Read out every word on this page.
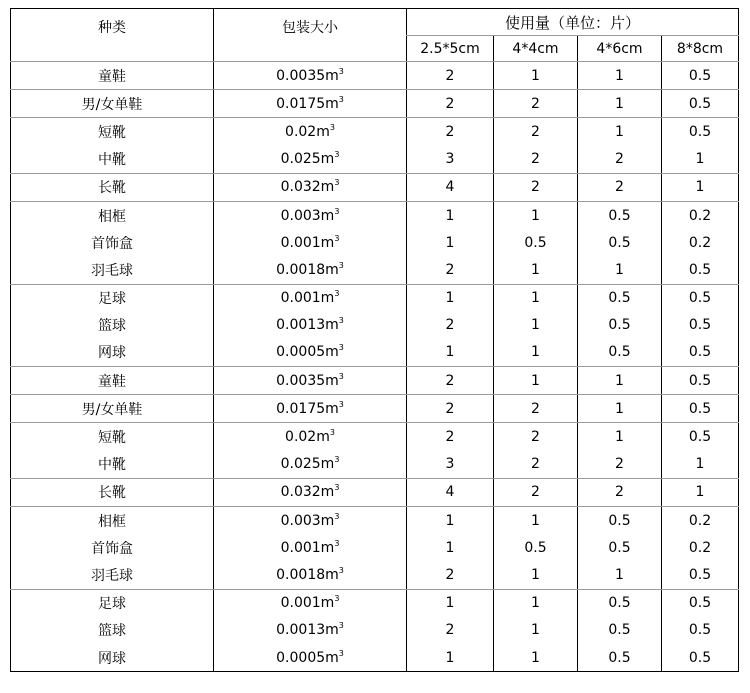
种类	包装大小	使用量（单位：片）			
		2.5*5cm	4*4cm	4*6cm	8*8cm
童鞋	$0.0035m^3$	2	1	1	0.5
男/女单鞋	$0.0175m^3$	2	2	1	0.5
短靴	$0.02m^3$	2	2	1	0.5
中靴	$0.025m^3$	3	2	2	1
长靴	$0.032m^3$	4	2	2	1
相框	$0.003m^3$	1	1	0.5	0.2
首饰盒	$0.001m^3$	1	0.5	0.5	0.2
羽毛球	$0.0018m^3$	2	1	1	0.5
足球	$0.001m^3$	1	1	0.5	0.5
篮球	$0.0013m^3$	2	1	0.5	0.5
网球	$0.0005m^3$	1	1	0.5	0.5
童鞋	$0.0035m^3$	2	1	1	0.5
男/女单鞋	$0.0175m^3$	2	2	1	0.5
短靴	$0.02m^3$	2	2	1	0.5
中靴	$0.025m^3$	3	2	2	1
长靴	$0.032m^3$	4	2	2	1
相框	$0.003m^3$	1	1	0.5	0.2
首饰盒	$0.001m^3$	1	0.5	0.5	0.2
羽毛球	$0.0018m^3$	2	1	1	0.5
足球	$0.001m^3$	1	1	0.5	0.5
篮球	$0.0013m^3$	2	1	0.5	0.5
网球	$0.0005m^3$	1	1	0.5	0.5
